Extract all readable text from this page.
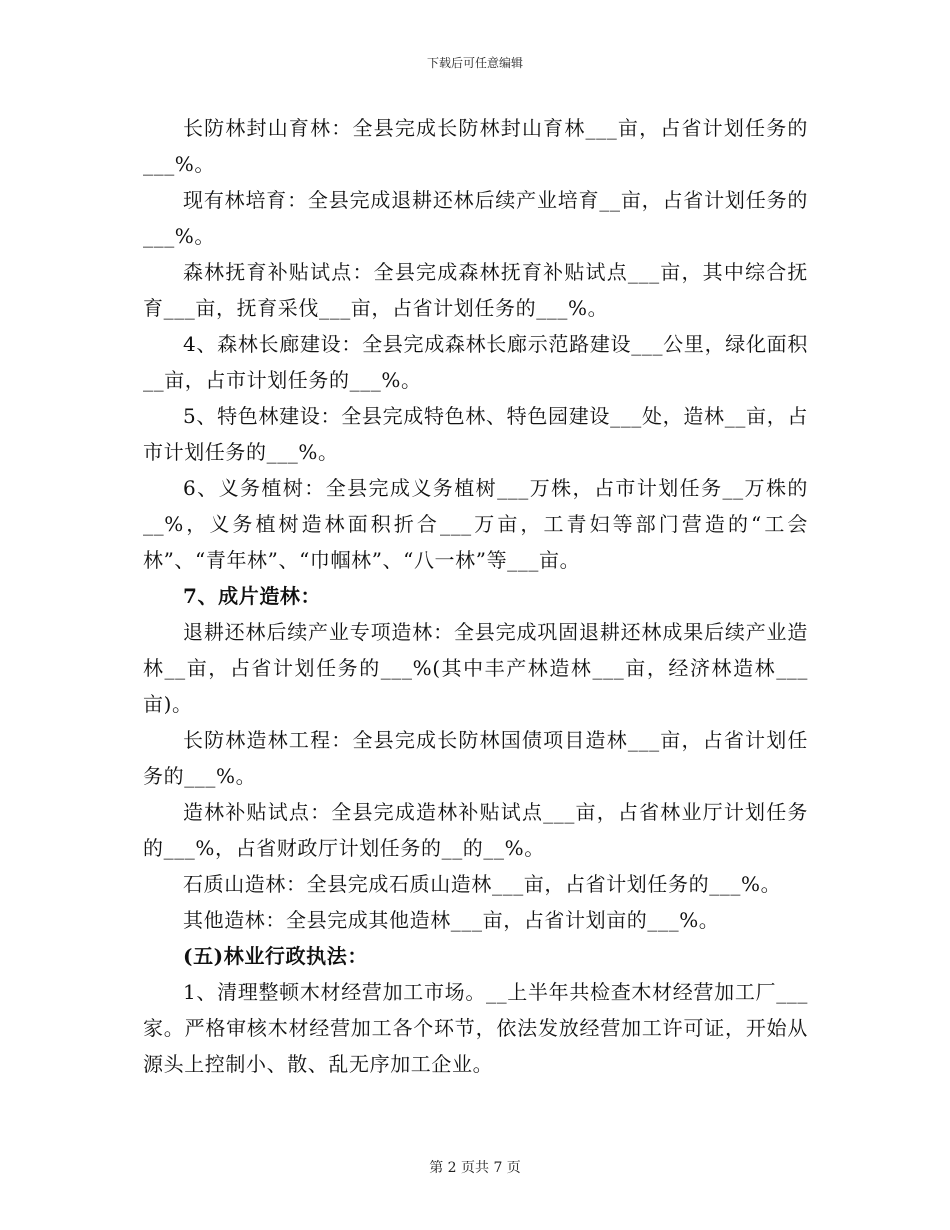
下载后可任意编辑

长防林封山育林：全县完成长防林封山育林___亩，占省计划任务的___%。

现有林培育：全县完成退耕还林后续产业培育__亩，占省计划任务的___%。

森林抚育补贴试点：全县完成森林抚育补贴试点___亩，其中综合抚育___亩，抚育采伐___亩，占省计划任务的___%。

4、森林长廊建设：全县完成森林长廊示范路建设___公里，绿化面积__亩，占市计划任务的___%。

5、特色林建设：全县完成特色林、特色园建设___处，造林__亩，占市计划任务的___%。

6、义务植树：全县完成义务植树___万株，占市计划任务__万株的__%，义务植树造林面积折合___万亩，工青妇等部门营造的“工会林”、“青年林”、“巾帼林”、“八一林”等___亩。

7、成片造林：

退耕还林后续产业专项造林：全县完成巩固退耕还林成果后续产业造林__亩，占省计划任务的___%(其中丰产林造林___亩，经济林造林___亩)。

长防林造林工程：全县完成长防林国债项目造林___亩，占省计划任务的___%。

造林补贴试点：全县完成造林补贴试点___亩，占省林业厅计划任务的___%，占省财政厅计划任务的__的__%。

石质山造林：全县完成石质山造林___亩，占省计划任务的___%。

其他造林：全县完成其他造林___亩，占省计划亩的___%。

(五)林业行政执法：

1、清理整顿木材经营加工市场。__上半年共检查木材经营加工厂___家。严格审核木材经营加工各个环节，依法发放经营加工许可证，开始从源头上控制小、散、乱无序加工企业。

第 2 页共 7 页
